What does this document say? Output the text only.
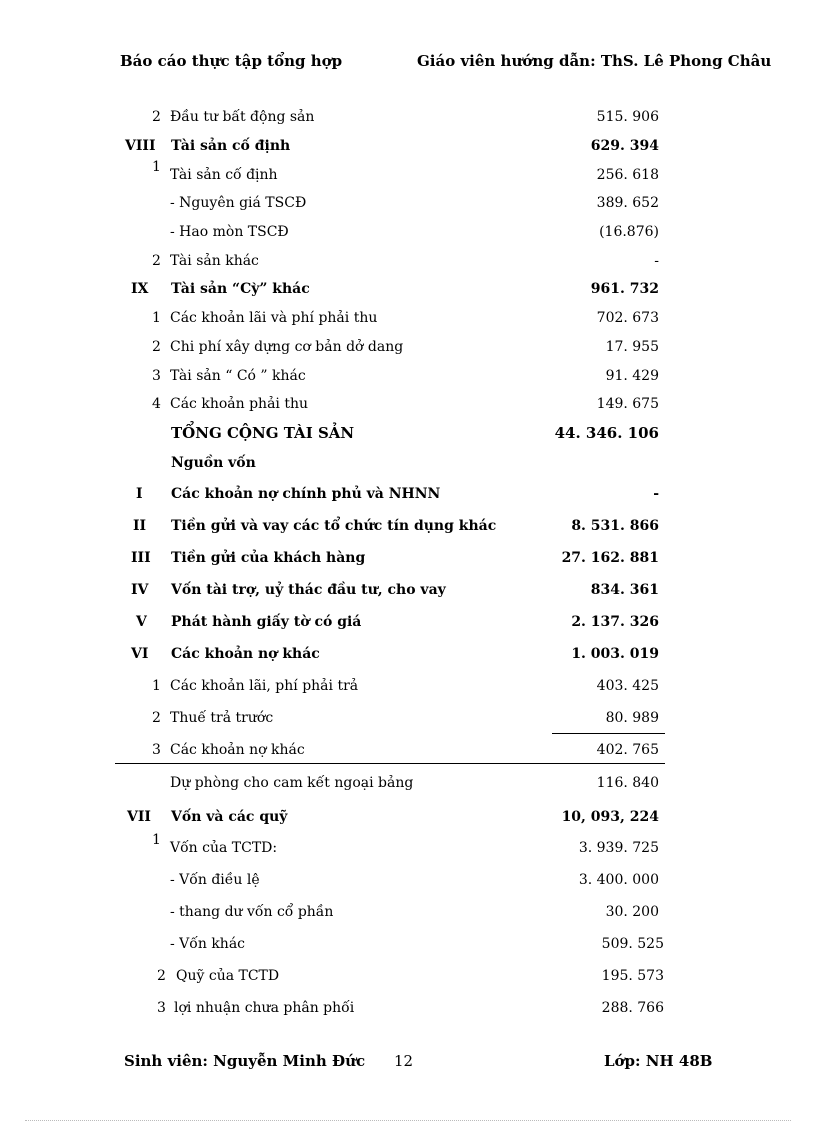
Báo cáo thực tập tổng hợp	Giáo viên hướng dẫn: ThS. Lê Phong Châu
2 Đầu tư bất động sản	515. 906
VIII Tài sản cố định	629. 394
1 Tài sản cố định	256. 618
- Nguyên giá TSCĐ	389. 652
- Hao mòn TSCĐ	(16.876)
2 Tài sản khác	-
IX Tài sản “Cỳ” khác	961. 732
1 Các khoản lãi và phí phải thu	702. 673
2 Chi phí xây dựng cơ bản dở dang	17. 955
3 Tài sản “ Có ” khác	91. 429
4 Các khoản phải thu	149. 675
TỔNG CỘNG TÀI SẢN	44. 346. 106
Nguồn vốn
I Các khoản nợ chính phủ và NHNN	-
II Tiền gửi và vay các tổ chức tín dụng khác	8. 531. 866
III Tiền gửi của khách hàng	27. 162. 881
IV Vốn tài trợ, uỷ thác đầu tư, cho vay	834. 361
V Phát hành giấy tờ có giá	2. 137. 326
VI Các khoản nợ khác	1. 003. 019
1 Các khoản lãi, phí phải trả	403. 425
2 Thuế trả trước	80. 989
3 Các khoản nợ khác	402. 765
Dự phòng cho cam kết ngoại bảng	116. 840
VII Vốn và các quỹ	10, 093, 224
1 Vốn của TCTD:	3. 939. 725
- Vốn điều lệ	3. 400. 000
- thang dư vốn cổ phần	30. 200
- Vốn khác	509. 525
2 Quỹ của TCTD	195. 573
3 lợi nhuận chưa phân phối	288. 766
Sinh viên: Nguyễn Minh Đức 12	Lớp: NH 48B
